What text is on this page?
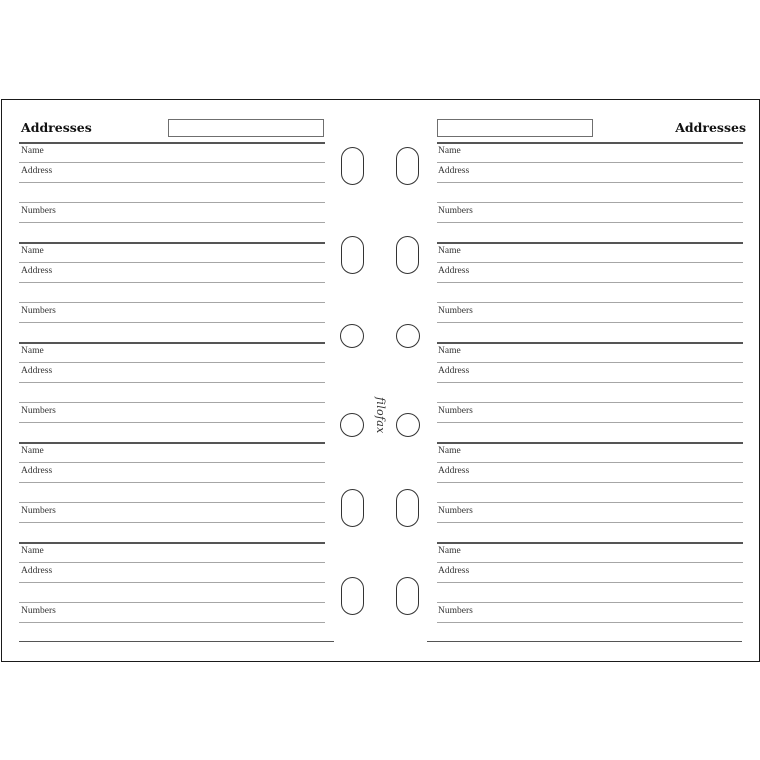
Addresses
Name
Address
Numbers
Name
Address
Numbers
Name
Address
Numbers
Name
Address
Numbers
Name
Address
Numbers
filofax
Addresses
Name
Address
Numbers
Name
Address
Numbers
Name
Address
Numbers
Name
Address
Numbers
Name
Address
Numbers
